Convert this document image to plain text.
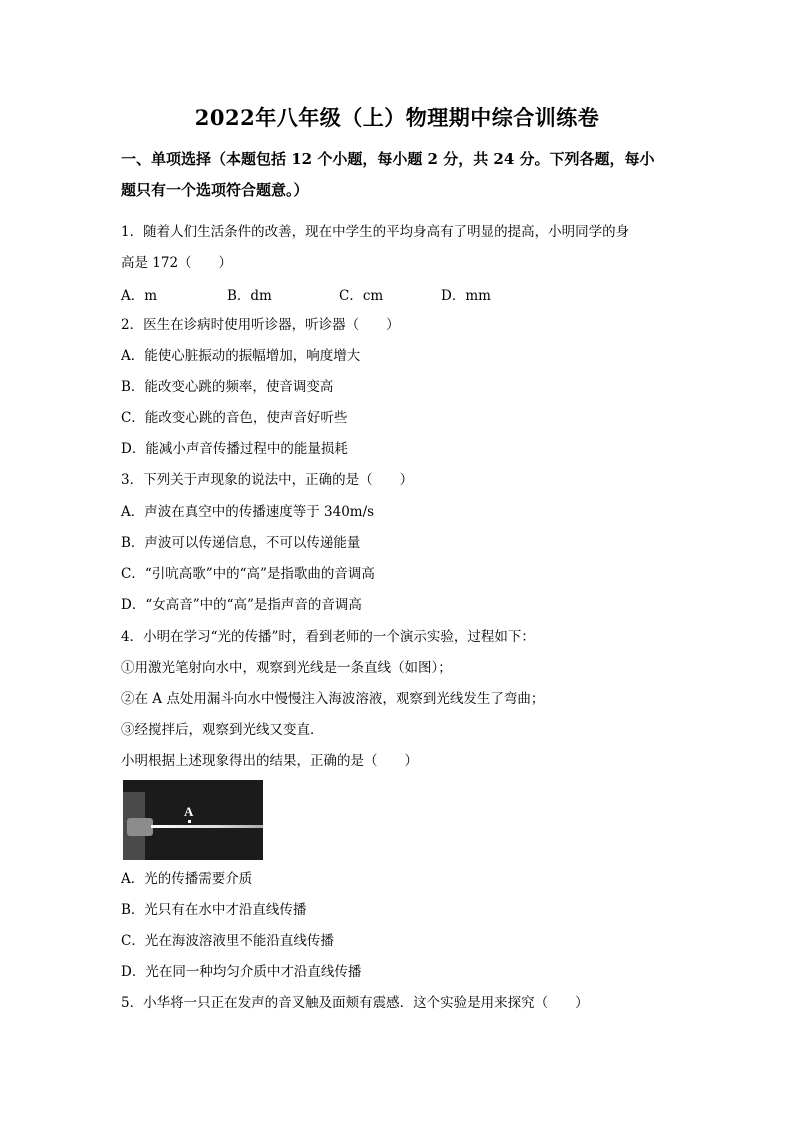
2022年八年级（上）物理期中综合训练卷
一、单项选择（本题包括 12 个小题，每小题 2 分，共 24 分。下列各题，每小
题只有一个选项符合题意。）
1．随着人们生活条件的改善，现在中学生的平均身高有了明显的提高，小明同学的身
高是 172（　　）
A．m	B．dm	C．cm	D．mm
2．医生在诊病时使用听诊器，听诊器（　　）
A．能使心脏振动的振幅增加，响度增大
B．能改变心跳的频率，使音调变高
C．能改变心跳的音色，使声音好听些
D．能减小声音传播过程中的能量损耗
3．下列关于声现象的说法中，正确的是（　　）
A．声波在真空中的传播速度等于 340m/s
B．声波可以传递信息，不可以传递能量
C．“引吭高歌”中的“高”是指歌曲的音调高
D．“女高音”中的“高”是指声音的音调高
4．小明在学习“光的传播”时，看到老师的一个演示实验，过程如下：
①用激光笔射向水中，观察到光线是一条直线（如图）；
②在 A 点处用漏斗向水中慢慢注入海波溶液，观察到光线发生了弯曲；
③经搅拌后，观察到光线又变直．
小明根据上述现象得出的结果，正确的是（　　）
A
A．光的传播需要介质
B．光只有在水中才沿直线传播
C．光在海波溶液里不能沿直线传播
D．光在同一种均匀介质中才沿直线传播
5．小华将一只正在发声的音叉触及面颊有震感．这个实验是用来探究（　　）
